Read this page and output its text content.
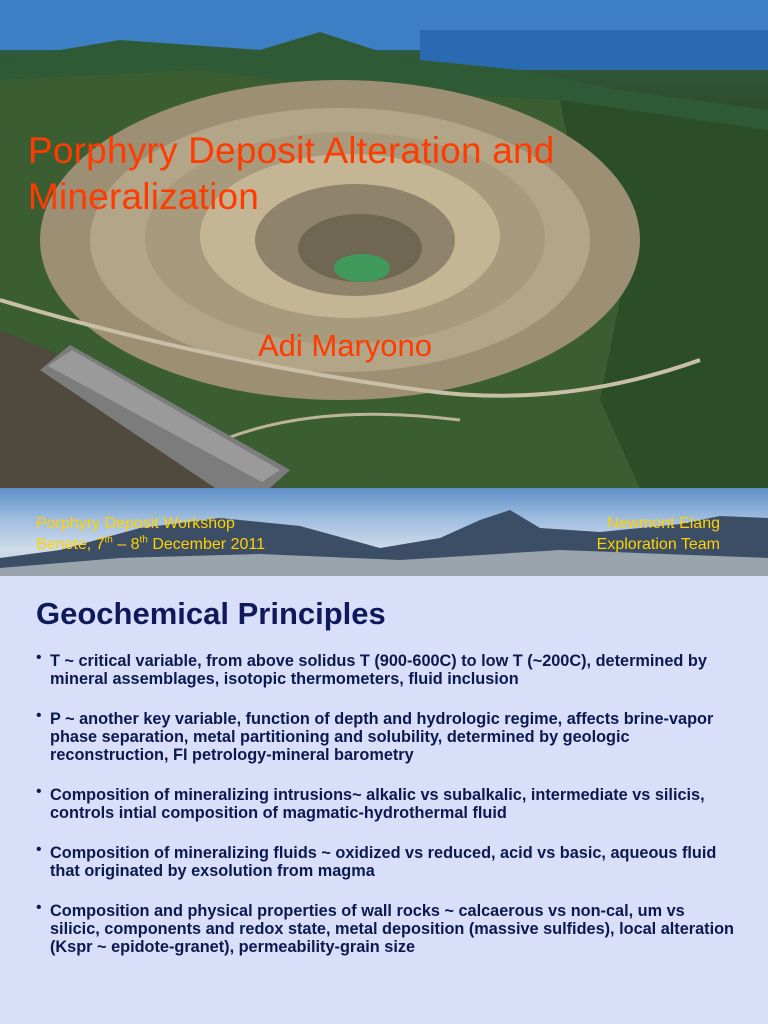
Porphyry Deposit Alteration and Mineralization

Adi Maryono

Porphyry Deposit Workshop
Benete, 7th – 8th December 2011
Newmont Elang
Exploration Team
Geochemical Principles
• T ~ critical variable, from above solidus T (900-600C) to low T (~200C), determined by mineral assemblages, isotopic thermometers, fluid inclusion
• P ~ another key variable, function of depth and hydrologic regime, affects brine-vapor phase separation, metal partitioning and solubility, determined by geologic reconstruction, FI petrology-mineral barometry
• Composition of mineralizing intrusions~ alkalic vs subalkalic, intermediate vs silicis, controls intial composition of magmatic-hydrothermal fluid
• Composition of mineralizing fluids ~ oxidized vs reduced, acid vs basic, aqueous fluid that originated by exsolution from magma
• Composition and physical properties of wall rocks ~ calcaerous vs non-cal, um vs silicic, components and redox state, metal deposition (massive sulfides), local alteration (Kspr ~ epidote-granet), permeability-grain size
